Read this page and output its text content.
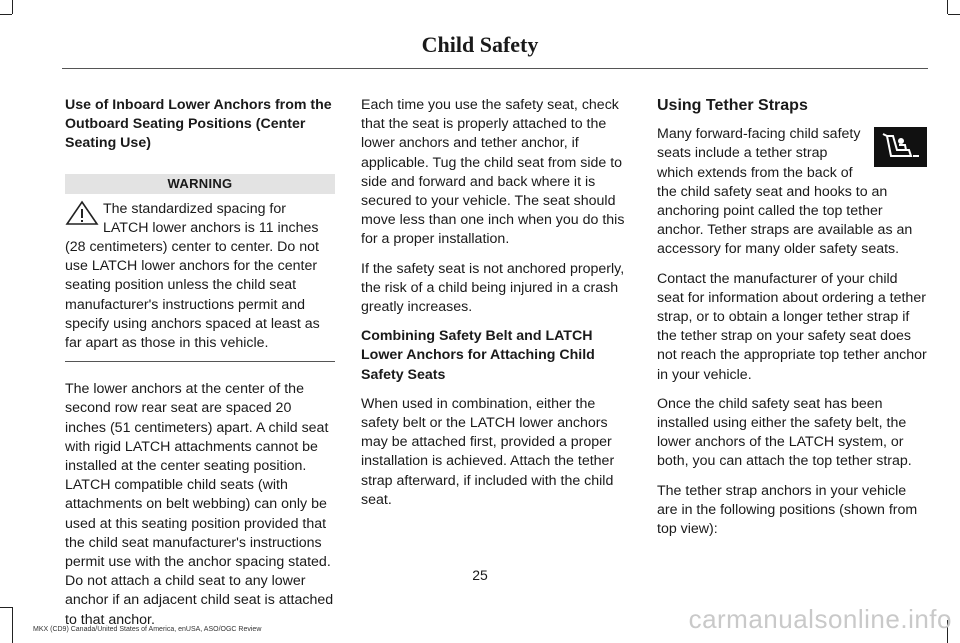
Child Safety

Use of Inboard Lower Anchors from the Outboard Seating Positions (Center Seating Use)

WARNING
The standardized spacing for LATCH lower anchors is 11 inches (28 centimeters) center to center. Do not use LATCH lower anchors for the center seating position unless the child seat manufacturer's instructions permit and specify using anchors spaced at least as far apart as those in this vehicle.

The lower anchors at the center of the second row rear seat are spaced 20 inches (51 centimeters) apart. A child seat with rigid LATCH attachments cannot be installed at the center seating position. LATCH compatible child seats (with attachments on belt webbing) can only be used at this seating position provided that the child seat manufacturer's instructions permit use with the anchor spacing stated. Do not attach a child seat to any lower anchor if an adjacent child seat is attached to that anchor.

Each time you use the safety seat, check that the seat is properly attached to the lower anchors and tether anchor, if applicable. Tug the child seat from side to side and forward and back where it is secured to your vehicle. The seat should move less than one inch when you do this for a proper installation.

If the safety seat is not anchored properly, the risk of a child being injured in a crash greatly increases.

Combining Safety Belt and LATCH Lower Anchors for Attaching Child Safety Seats

When used in combination, either the safety belt or the LATCH lower anchors may be attached first, provided a proper installation is achieved. Attach the tether strap afterward, if included with the child seat.

Using Tether Straps

Many forward-facing child safety seats include a tether strap which extends from the back of the child safety seat and hooks to an anchoring point called the top tether anchor. Tether straps are available as an accessory for many older safety seats.

Contact the manufacturer of your child seat for information about ordering a tether strap, or to obtain a longer tether strap if the tether strap on your safety seat does not reach the appropriate top tether anchor in your vehicle.

Once the child safety seat has been installed using either the safety belt, the lower anchors of the LATCH system, or both, you can attach the top tether strap.

The tether strap anchors in your vehicle are in the following positions (shown from top view):

25
MKX (CD9) Canada/United States of America, enUSA, ASO/OGC Review	carmanualsonline.info
